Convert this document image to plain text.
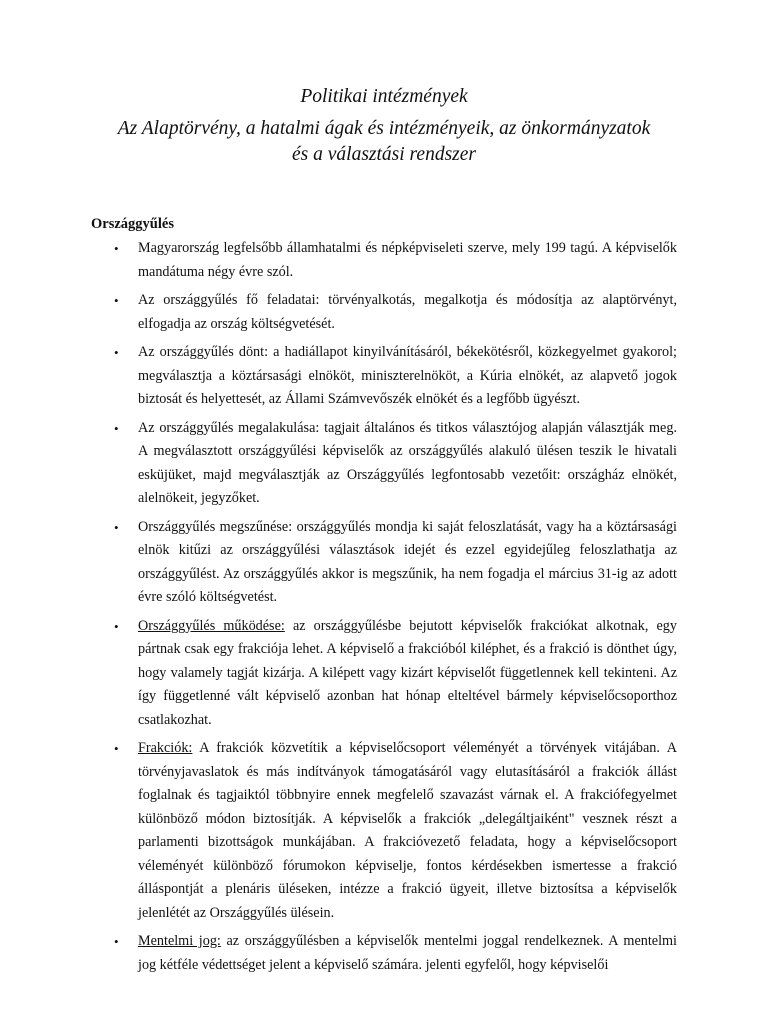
Politikai intézmények
Az Alaptörvény, a hatalmi ágak és intézményeik, az önkormányzatok
és a választási rendszer
Országgyűlés
• Magyarország legfelsőbb államhatalmi és népképviseleti szerve, mely 199 tagú. A képviselők mandátuma négy évre szól.
• Az országgyűlés fő feladatai: törvényalkotás, megalkotja és módosítja az alaptörvényt, elfogadja az ország költségvetését.
• Az országgyűlés dönt: a hadiállapot kinyilvánításáról, békekötésről, közkegyelmet gyakorol; megválasztja a köztársasági elnököt, miniszterelnököt, a Kúria elnökét, az alapvető jogok biztosát és helyettesét, az Állami Számvevőszék elnökét és a legfőbb ügyészt.
• Az országgyűlés megalakulása: tagjait általános és titkos választójog alapján választják meg. A megválasztott országgyűlési képviselők az országgyűlés alakuló ülésen teszik le hivatali esküjüket, majd megválasztják az Országgyűlés legfontosabb vezetőit: országház elnökét, alelnökeit, jegyzőket.
• Országgyűlés megszűnése: országgyűlés mondja ki saját feloszlatását, vagy ha a köztársasági elnök kitűzi az országgyűlési választások idejét és ezzel egyidejűleg feloszlathatja az országgyűlést. Az országgyűlés akkor is megszűnik, ha nem fogadja el március 31-ig az adott évre szóló költségvetést.
• Országgyűlés működése: az országgyűlésbe bejutott képviselők frakciókat alkotnak, egy pártnak csak egy frakciója lehet. A képviselő a frakcióból kiléphet, és a frakció is dönthet úgy, hogy valamely tagját kizárja. A kilépett vagy kizárt képviselőt függetlennek kell tekinteni. Az így függetlenné vált képviselő azonban hat hónap elteltével bármely képviselőcsoporthoz csatlakozhat.
• Frakciók: A frakciók közvetítik a képviselőcsoport véleményét a törvények vitájában. A törvényjavaslatok és más indítványok támogatásáról vagy elutasításáról a frakciók állást foglalnak és tagjaiktól többnyire ennek megfelelő szavazást várnak el. A frakciófegyelmet különböző módon biztosítják. A képviselők a frakciók „delegáltjaiként" vesznek részt a parlamenti bizottságok munkájában. A frakcióvezető feladata, hogy a képviselőcsoport véleményét különböző fórumokon képviselje, fontos kérdésekben ismertesse a frakció álláspontját a plenáris üléseken, intézze a frakció ügyeit, illetve biztosítsa a képviselők jelenlétét az Országgyűlés ülésein.
• Mentelmi jog: az országgyűlésben a képviselők mentelmi joggal rendelkeznek. A mentelmi jog kétféle védettséget jelent a képviselő számára. jelenti egyfelől, hogy képviselői
